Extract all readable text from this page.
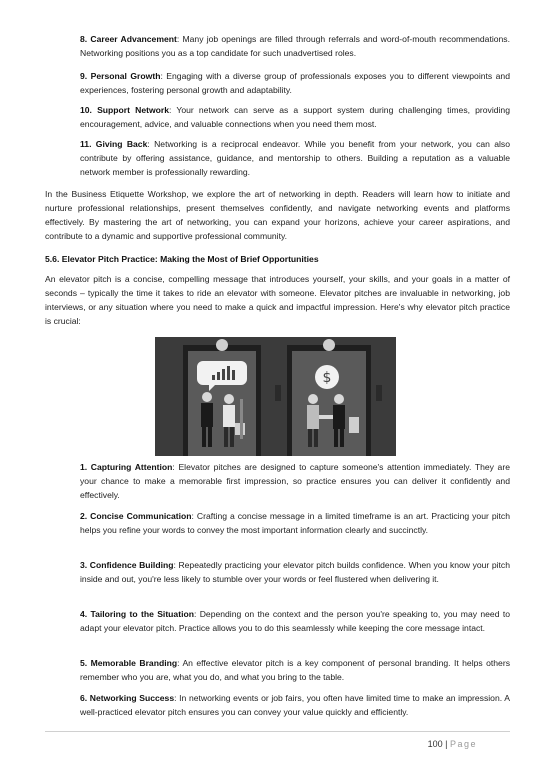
8. Career Advancement: Many job openings are filled through referrals and word-of-mouth recommendations. Networking positions you as a top candidate for such unadvertised roles.

9. Personal Growth: Engaging with a diverse group of professionals exposes you to different viewpoints and experiences, fostering personal growth and adaptability.

10. Support Network: Your network can serve as a support system during challenging times, providing encouragement, advice, and valuable connections when you need them most.

11. Giving Back: Networking is a reciprocal endeavor. While you benefit from your network, you can also contribute by offering assistance, guidance, and mentorship to others. Building a reputation as a valuable network member is professionally rewarding.

In the Business Etiquette Workshop, we explore the art of networking in depth. Readers will learn how to initiate and nurture professional relationships, present themselves confidently, and navigate networking events and platforms effectively. By mastering the art of networking, you can expand your horizons, achieve your career aspirations, and contribute to a dynamic and supportive professional community.

5.6. Elevator Pitch Practice: Making the Most of Brief Opportunities

An elevator pitch is a concise, compelling message that introduces yourself, your skills, and your goals in a matter of seconds – typically the time it takes to ride an elevator with someone. Elevator pitches are invaluable in networking, job interviews, or any situation where you need to make a quick and impactful impression. Here's why elevator pitch practice is crucial:

$

1. Capturing Attention: Elevator pitches are designed to capture someone's attention immediately. They are your chance to make a memorable first impression, so practice ensures you can deliver it confidently and effectively.

2. Concise Communication: Crafting a concise message in a limited timeframe is an art. Practicing your pitch helps you refine your words to convey the most important information clearly and succinctly.

3. Confidence Building: Repeatedly practicing your elevator pitch builds confidence. When you know your pitch inside and out, you're less likely to stumble over your words or feel flustered when delivering it.

4. Tailoring to the Situation: Depending on the context and the person you're speaking to, you may need to adapt your elevator pitch. Practice allows you to do this seamlessly while keeping the core message intact.

5. Memorable Branding: An effective elevator pitch is a key component of personal branding. It helps others remember who you are, what you do, and what you bring to the table.

6. Networking Success: In networking events or job fairs, you often have limited time to make an impression. A well-practiced elevator pitch ensures you can convey your value quickly and efficiently.

100 | Page
